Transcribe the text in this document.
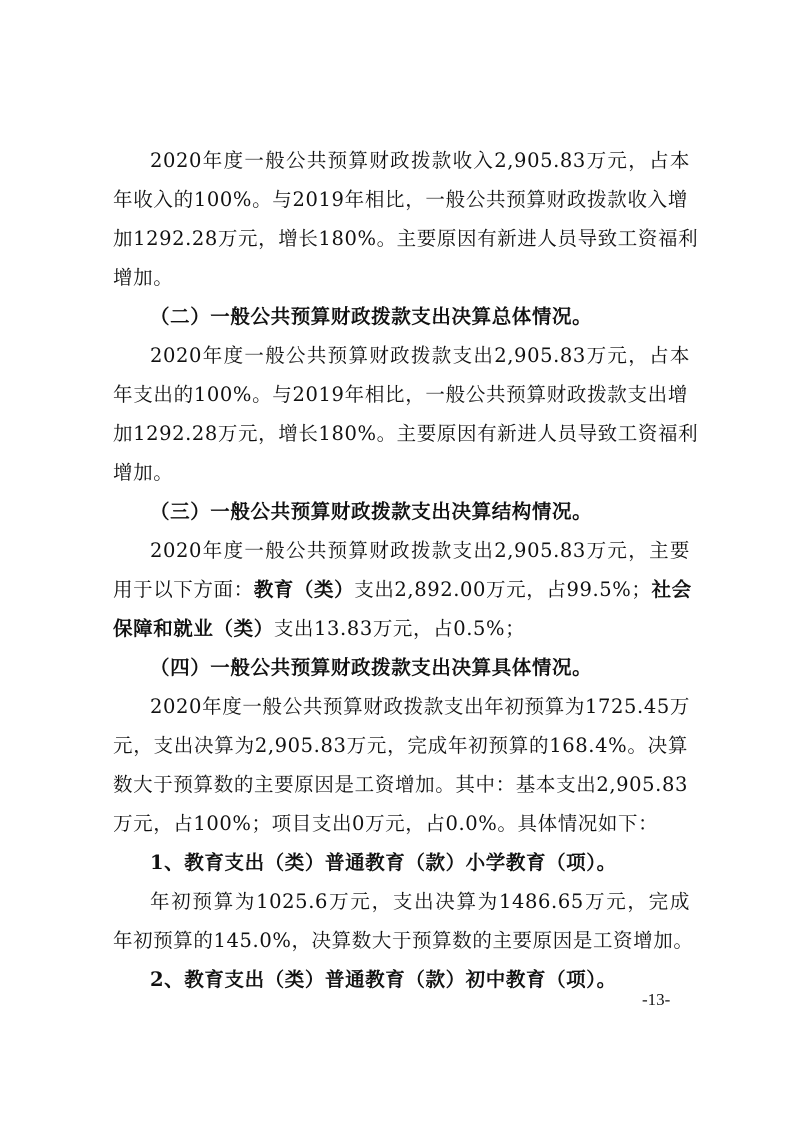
2020年度一般公共预算财政拨款收入2,905.83万元，占本
年收入的100%。与2019年相比，一般公共预算财政拨款收入增
加1292.28万元，增长180%。主要原因有新进人员导致工资福利
增加。
（二）一般公共预算财政拨款支出决算总体情况。
2020年度一般公共预算财政拨款支出2,905.83万元，占本
年支出的100%。与2019年相比，一般公共预算财政拨款支出增
加1292.28万元，增长180%。主要原因有新进人员导致工资福利
增加。
（三）一般公共预算财政拨款支出决算结构情况。
2020年度一般公共预算财政拨款支出2,905.83万元，主要
用于以下方面：教育（类）支出2,892.00万元，占99.5%；社会
保障和就业（类）支出13.83万元，占0.5%；
（四）一般公共预算财政拨款支出决算具体情况。
2020年度一般公共预算财政拨款支出年初预算为1725.45万
元，支出决算为2,905.83万元，完成年初预算的168.4%。决算
数大于预算数的主要原因是工资增加。其中：基本支出2,905.83
万元，占100%；项目支出0万元，占0.0%。具体情况如下：
1、教育支出（类）普通教育（款）小学教育（项）。
年初预算为1025.6万元，支出决算为1486.65万元，完成
年初预算的145.0%，决算数大于预算数的主要原因是工资增加。
2、教育支出（类）普通教育（款）初中教育（项）。
-13-
